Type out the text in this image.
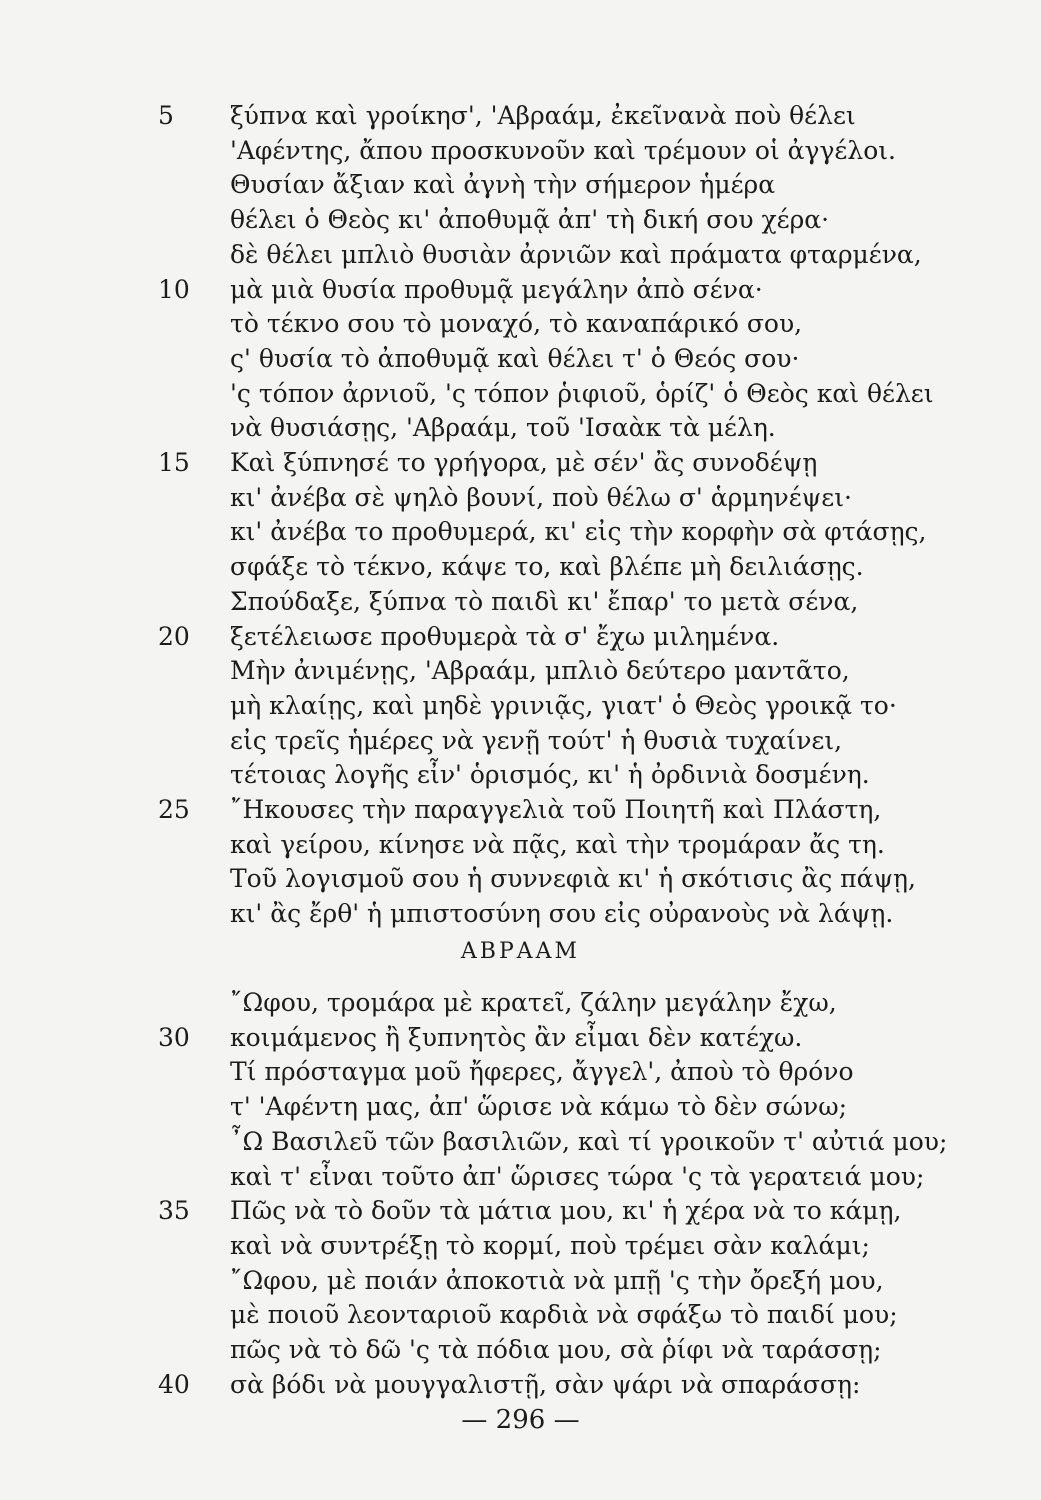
5	ξύπνα καὶ γροίκησ', 'Αβραάμ, ἐκεῖνανὰ ποὺ θέλει
'Αφέντης, ἄπου προσκυνοῦν καὶ τρέμουν οἱ ἀγγέλοι.
Θυσίαν ἄξιαν καὶ ἀγνὴ τὴν σήμερον ἡμέρα
θέλει ὁ Θεὸς κι' ἀποθυμᾷ ἀπ' τὴ δική σου χέρα·
δὲ θέλει μπλιὸ θυσιὰν ἀρνιῶν καὶ πράματα φταρμένα,
10	μὰ μιὰ θυσία προθυμᾷ μεγάλην ἀπὸ σένα·
τὸ τέκνο σου τὸ μοναχό, τὸ καναπάρικό σου,
ς' θυσία τὸ ἀποθυμᾷ καὶ θέλει τ' ὁ Θεός σου·
'ς τόπον ἀρνιοῦ, 'ς τόπον ῥιφιοῦ, ὁρίζ' ὁ Θεὸς καὶ θέλει
νὰ θυσιάσῃς, 'Αβραάμ, τοῦ 'Ισαὰκ τὰ μέλη.
15	Καὶ ξύπνησέ το γρήγορα, μὲ σέν' ἂς συνοδέψῃ
κι' ἀνέβα σὲ ψηλὸ βουνί, ποὺ θέλω σ' ἁρμηνέψει·
κι' ἀνέβα το προθυμερά, κι' εἰς τὴν κορφὴν σὰ φτάσῃς,
σφάξε τὸ τέκνο, κάψε το, καὶ βλέπε μὴ δειλιάσῃς.
Σπούδαξε, ξύπνα τὸ παιδὶ κι' ἔπαρ' το μετὰ σένα,
20	ξετέλειωσε προθυμερὰ τὰ σ' ἔχω μιλημένα.
Μὴν ἀνιμένῃς, 'Αβραάμ, μπλιὸ δεύτερο μαντᾶτο,
μὴ κλαίῃς, καὶ μηδὲ γρινιᾷς, γιατ' ὁ Θεὸς γροικᾷ το·
εἰς τρεῖς ἡμέρες νὰ γενῇ τούτ' ἡ θυσιὰ τυχαίνει,
τέτοιας λογῆς εἶν' ὁρισμός, κι' ἡ ὀρδινιὰ δοσμένη.
25	῎Ηκουσες τὴν παραγγελιὰ τοῦ Ποιητῆ καὶ Πλάστη,
καὶ γείρου, κίνησε νὰ πᾷς, καὶ τὴν τρομάραν ἄς τη.
Τοῦ λογισμοῦ σου ἡ συννεφιὰ κι' ἡ σκότισις ἂς πάψῃ,
κι' ἂς ἔρθ' ἡ μπιστοσύνη σου εἰς οὐρανοὺς νὰ λάψῃ.
ΑΒΡΑΑΜ
῎Ωφου, τρομάρα μὲ κρατεῖ, ζάλην μεγάλην ἔχω,
30	κοιμάμενος ἢ ξυπνητὸς ἂν εἶμαι δὲν κατέχω.
Τί πρόσταγμα μοῦ ἤφερες, ἄγγελ', ἀποὺ τὸ θρόνο
τ' 'Αφέντη μας, ἀπ' ὥρισε νὰ κάμω τὸ δὲν σώνω;
῏Ω Βασιλεῦ τῶν βασιλιῶν, καὶ τί γροικοῦν τ' αὐτιά μου;
καὶ τ' εἶναι τοῦτο ἀπ' ὥρισες τώρα 'ς τὰ γερατειά μου;
35	Πῶς νὰ τὸ δοῦν τὰ μάτια μου, κι' ἡ χέρα νὰ το κάμῃ,
καὶ νὰ συντρέξῃ τὸ κορμί, ποὺ τρέμει σὰν καλάμι;
῎Ωφου, μὲ ποιάν ἀποκοτιὰ νὰ μπῇ 'ς τὴν ὄρεξή μου,
μὲ ποιοῦ λεονταριοῦ καρδιὰ νὰ σφάξω τὸ παιδί μου;
πῶς νὰ τὸ δῶ 'ς τὰ πόδια μου, σὰ ῥίφι νὰ ταράσσῃ;
40	σὰ βόδι νὰ μουγγαλιστῇ, σὰν ψάρι νὰ σπαράσσῃ:
— 296 —
